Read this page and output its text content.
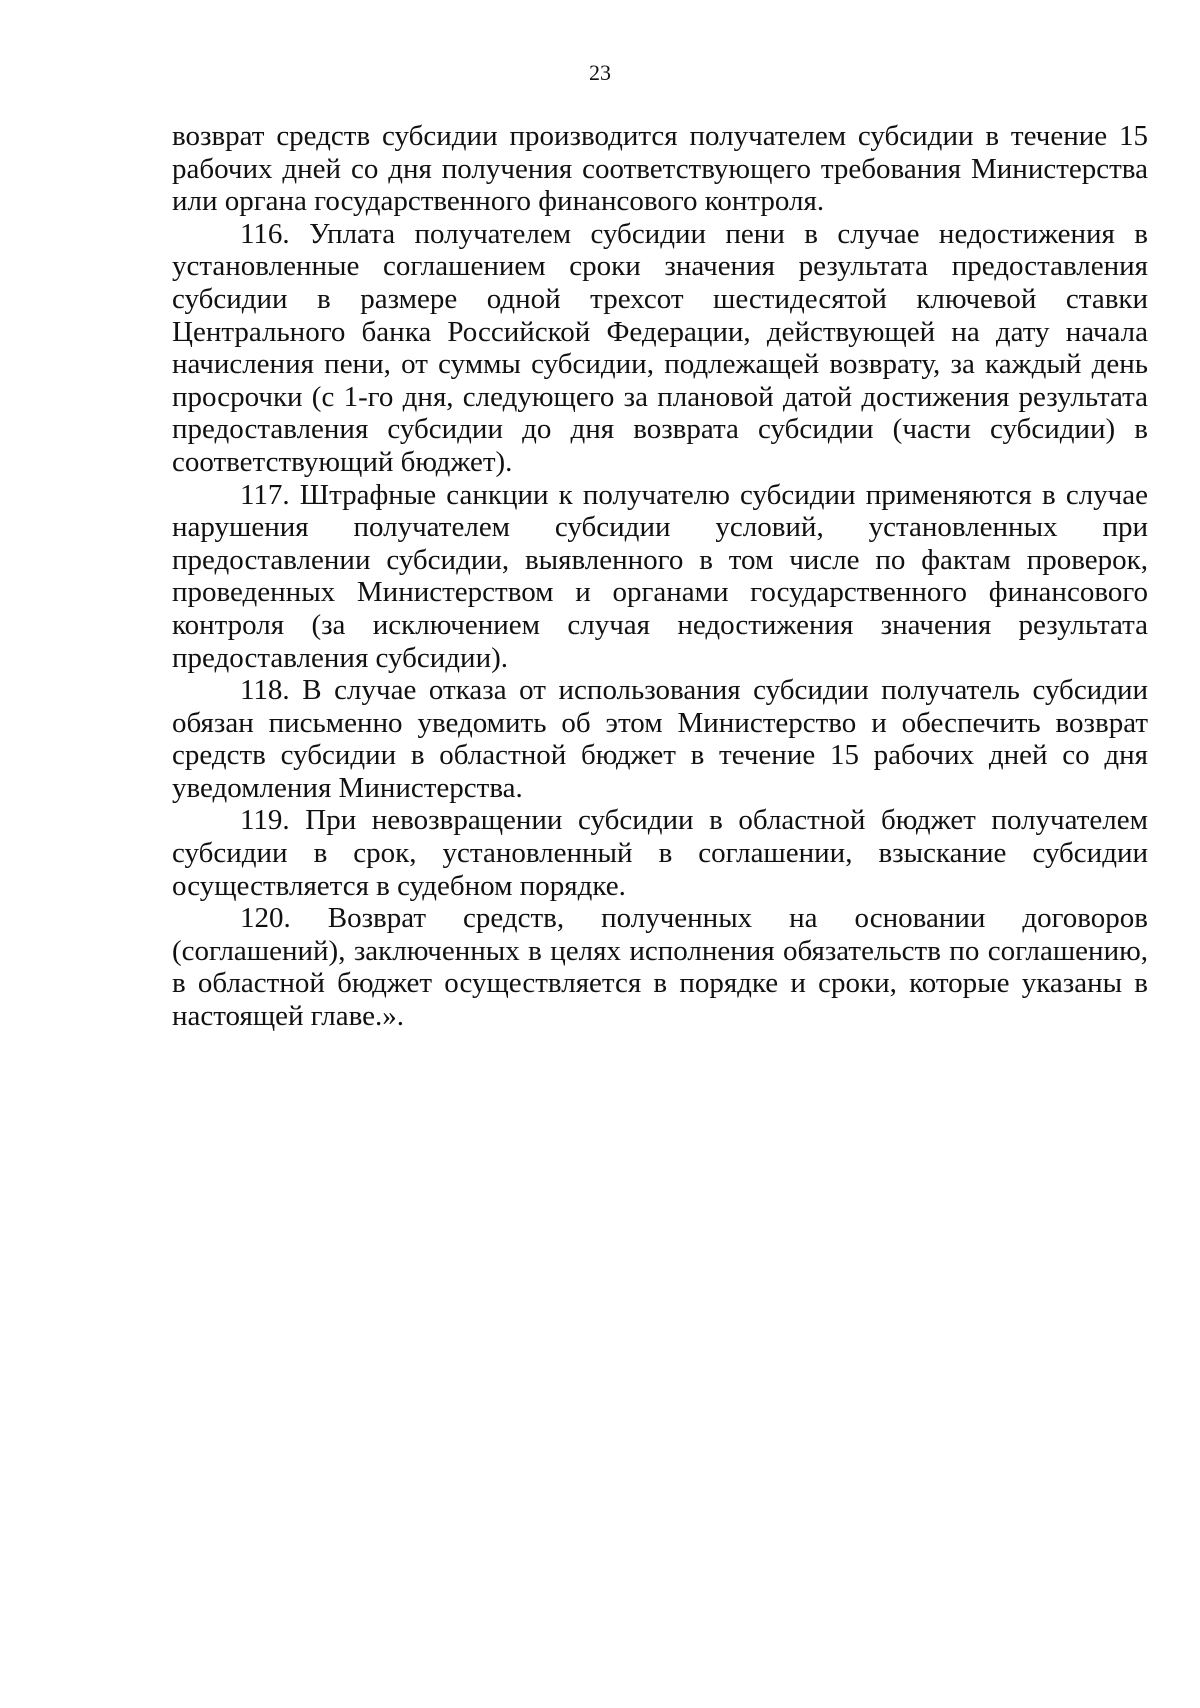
23

возврат средств субсидии производится получателем субсидии в течение 15 рабочих дней со дня получения соответствующего требования Министерства или органа государственного финансового контроля.

116. Уплата получателем субсидии пени в случае недостижения в установленные соглашением сроки значения результата предоставления субсидии в размере одной трехсот шестидесятой ключевой ставки Центрального банка Российской Федерации, действующей на дату начала начисления пени, от суммы субсидии, подлежащей возврату, за каждый день просрочки (с 1-го дня, следующего за плановой датой достижения результата предоставления субсидии до дня возврата субсидии (части субсидии) в соответствующий бюджет).

117. Штрафные санкции к получателю субсидии применяются в случае нарушения получателем субсидии условий, установленных при предоставлении субсидии, выявленного в том числе по фактам проверок, проведенных Министерством и органами государственного финансового контроля (за исключением случая недостижения значения результата предоставления субсидии).

118. В случае отказа от использования субсидии получатель субсидии обязан письменно уведомить об этом Министерство и обеспечить возврат средств субсидии в областной бюджет в течение 15 рабочих дней со дня уведомления Министерства.

119. При невозвращении субсидии в областной бюджет получателем субсидии в срок, установленный в соглашении, взыскание субсидии осуществляется в судебном порядке.

120. Возврат средств, полученных на основании договоров (соглашений), заключенных в целях исполнения обязательств по соглашению, в областной бюджет осуществляется в порядке и сроки, которые указаны в настоящей главе.».
